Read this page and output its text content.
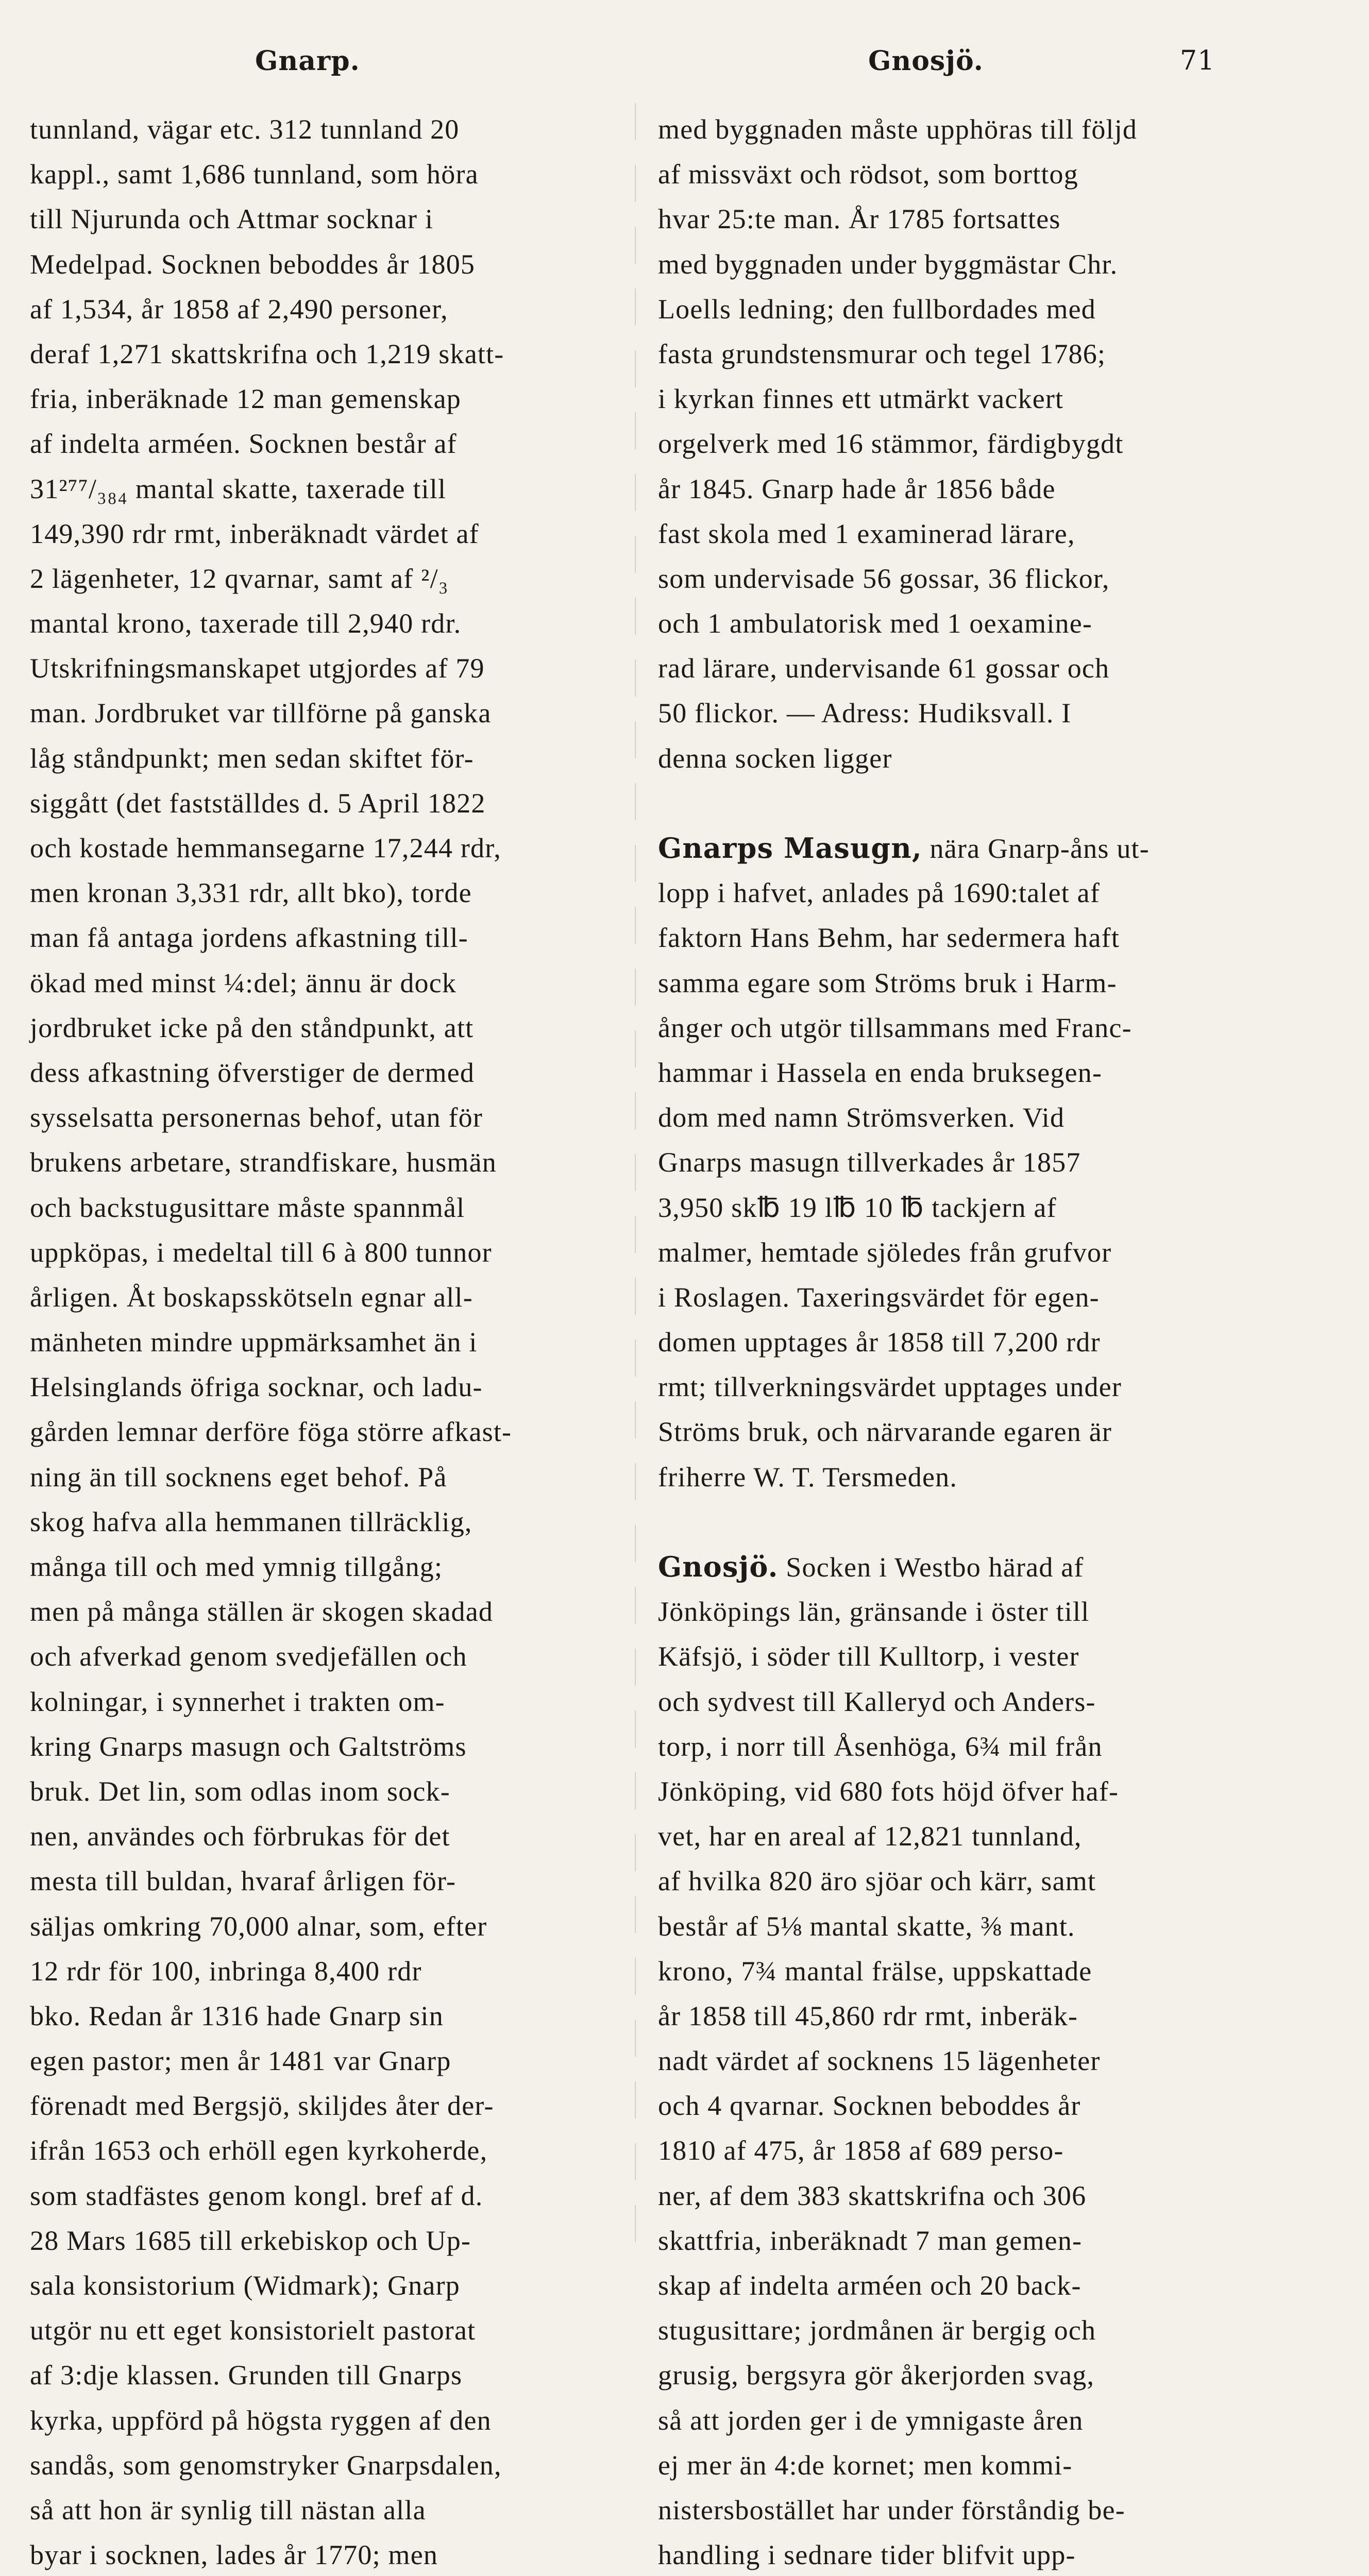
Gnarp.	Gnosjö.	71
tunnland, vägar etc. 312 tunnland 20
kappl., samt 1,686 tunnland, som höra
till Njurunda och Attmar socknar i
Medelpad. Socknen beboddes år 1805
af 1,534, år 1858 af 2,490 personer,
deraf 1,271 skattskrifna och 1,219 skatt-
fria, inberäknade 12 man gemenskap
af indelta arméen. Socknen består af
31²⁷⁷/₃₈₄ mantal skatte, taxerade till
149,390 rdr rmt, inberäknadt värdet af
2 lägenheter, 12 qvarnar, samt af ²/₃
mantal krono, taxerade till 2,940 rdr.
Utskrifningsmanskapet utgjordes af 79
man. Jordbruket var tillförne på ganska
låg ståndpunkt; men sedan skiftet för-
siggått (det fastställdes d. 5 April 1822
och kostade hemmansegarne 17,244 rdr,
men kronan 3,331 rdr, allt bko), torde
man få antaga jordens afkastning till-
ökad med minst ¼:del; ännu är dock
jordbruket icke på den ståndpunkt, att
dess afkastning öfverstiger de dermed
sysselsatta personernas behof, utan för
brukens arbetare, strandfiskare, husmän
och backstugusittare måste spannmål
uppköpas, i medeltal till 6 à 800 tunnor
årligen. Åt boskapsskötseln egnar all-
mänheten mindre uppmärksamhet än i
Helsinglands öfriga socknar, och ladu-
gården lemnar derföre föga större afkast-
ning än till socknens eget behof. På
skog hafva alla hemmanen tillräcklig,
många till och med ymnig tillgång;
men på många ställen är skogen skadad
och afverkad genom svedjefällen och
kolningar, i synnerhet i trakten om-
kring Gnarps masugn och Galtströms
bruk. Det lin, som odlas inom sock-
nen, användes och förbrukas för det
mesta till buldan, hvaraf årligen för-
säljas omkring 70,000 alnar, som, efter
12 rdr för 100, inbringa 8,400 rdr
bko. Redan år 1316 hade Gnarp sin
egen pastor; men år 1481 var Gnarp
förenadt med Bergsjö, skiljdes åter der-
ifrån 1653 och erhöll egen kyrkoherde,
som stadfästes genom kongl. bref af d.
28 Mars 1685 till erkebiskop och Up-
sala konsistorium (Widmark); Gnarp
utgör nu ett eget konsistorielt pastorat
af 3:dje klassen. Grunden till Gnarps
kyrka, uppförd på högsta ryggen af den
sandås, som genomstryker Gnarpsdalen,
så att hon är synlig till nästan alla
byar i socknen, lades år 1770; men
med byggnaden måste upphöras till följd
af missväxt och rödsot, som borttog
hvar 25:te man. År 1785 fortsattes
med byggnaden under byggmästar Chr.
Loells ledning; den fullbordades med
fasta grundstensmurar och tegel 1786;
i kyrkan finnes ett utmärkt vackert
orgelverk med 16 stämmor, färdigbygdt
år 1845. Gnarp hade år 1856 både
fast skola med 1 examinerad lärare,
som undervisade 56 gossar, 36 flickor,
och 1 ambulatorisk med 1 oexamine-
rad lärare, undervisande 61 gossar och
50 flickor. — Adress: Hudiksvall. I
denna socken ligger
Gnarps Masugn, nära Gnarp-åns ut-
lopp i hafvet, anlades på 1690:talet af
faktorn Hans Behm, har sedermera haft
samma egare som Ströms bruk i Harm-
ånger och utgör tillsammans med Franc-
hammar i Hassela en enda bruksegen-
dom med namn Strömsverken. Vid
Gnarps masugn tillverkades år 1857
3,950 sk℔ 19 l℔ 10 ℔ tackjern af
malmer, hemtade sjöledes från grufvor
i Roslagen. Taxeringsvärdet för egen-
domen upptages år 1858 till 7,200 rdr
rmt; tillverkningsvärdet upptages under
Ströms bruk, och närvarande egaren är
friherre W. T. Tersmeden.
Gnosjö. Socken i Westbo härad af
Jönköpings län, gränsande i öster till
Käfsjö, i söder till Kulltorp, i vester
och sydvest till Kalleryd och Anders-
torp, i norr till Åsenhöga, 6¾ mil från
Jönköping, vid 680 fots höjd öfver haf-
vet, har en areal af 12,821 tunnland,
af hvilka 820 äro sjöar och kärr, samt
består af 5⅛ mantal skatte, ⅜ mant.
krono, 7¾ mantal frälse, uppskattade
år 1858 till 45,860 rdr rmt, inberäk-
nadt värdet af socknens 15 lägenheter
och 4 qvarnar. Socknen beboddes år
1810 af 475, år 1858 af 689 perso-
ner, af dem 383 skattskrifna och 306
skattfria, inberäknadt 7 man gemen-
skap af indelta arméen och 20 back-
stugusittare; jordmånen är bergig och
grusig, bergsyra gör åkerjorden svag,
så att jorden ger i de ymnigaste åren
ej mer än 4:de kornet; men kommi-
nistersbostället har under förståndig be-
handling i sednare tider blifvit upp-
